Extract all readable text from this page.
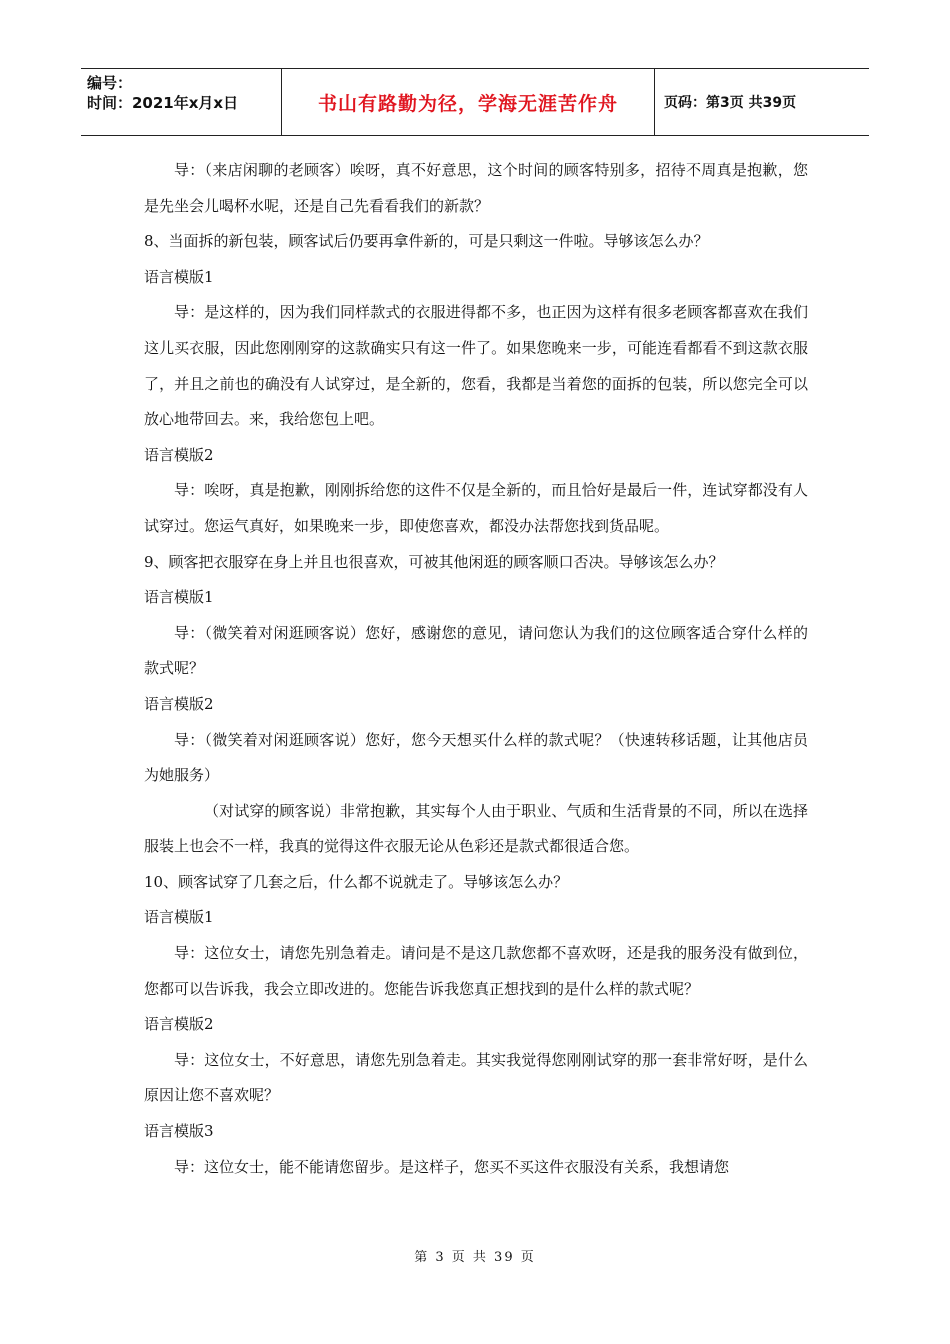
编号：
时间：2021年x月x日	书山有路勤为径，学海无涯苦作舟	页码：第3页 共39页

导：（来店闲聊的老顾客）唉呀，真不好意思，这个时间的顾客特别多，招待不周真是抱歉，您是先坐会儿喝杯水呢，还是自己先看看我们的新款？

8、当面拆的新包装，顾客试后仍要再拿件新的，可是只剩这一件啦。导够该怎么办？

语言模版1

导：是这样的，因为我们同样款式的衣服进得都不多，也正因为这样有很多老顾客都喜欢在我们这儿买衣服，因此您刚刚穿的这款确实只有这一件了。如果您晚来一步，可能连看都看不到这款衣服了，并且之前也的确没有人试穿过，是全新的，您看，我都是当着您的面拆的包装，所以您完全可以放心地带回去。来，我给您包上吧。

语言模版2

导：唉呀，真是抱歉，刚刚拆给您的这件不仅是全新的，而且恰好是最后一件，连试穿都没有人试穿过。您运气真好，如果晚来一步，即使您喜欢，都没办法帮您找到货品呢。

9、顾客把衣服穿在身上并且也很喜欢，可被其他闲逛的顾客顺口否决。导够该怎么办？

语言模版1

导：（微笑着对闲逛顾客说）您好，感谢您的意见，请问您认为我们的这位顾客适合穿什么样的款式呢？

语言模版2

导：（微笑着对闲逛顾客说）您好，您今天想买什么样的款式呢？（快速转移话题，让其他店员为她服务）

（对试穿的顾客说）非常抱歉，其实每个人由于职业、气质和生活背景的不同，所以在选择服装上也会不一样，我真的觉得这件衣服无论从色彩还是款式都很适合您。

10、顾客试穿了几套之后，什么都不说就走了。导够该怎么办？

语言模版1

导：这位女士，请您先别急着走。请问是不是这几款您都不喜欢呀，还是我的服务没有做到位，您都可以告诉我，我会立即改进的。您能告诉我您真正想找到的是什么样的款式呢？

语言模版2

导：这位女士，不好意思，请您先别急着走。其实我觉得您刚刚试穿的那一套非常好呀，是什么原因让您不喜欢呢？

语言模版3

导：这位女士，能不能请您留步。是这样子，您买不买这件衣服没有关系，我想请您

第 3 页 共 39 页
